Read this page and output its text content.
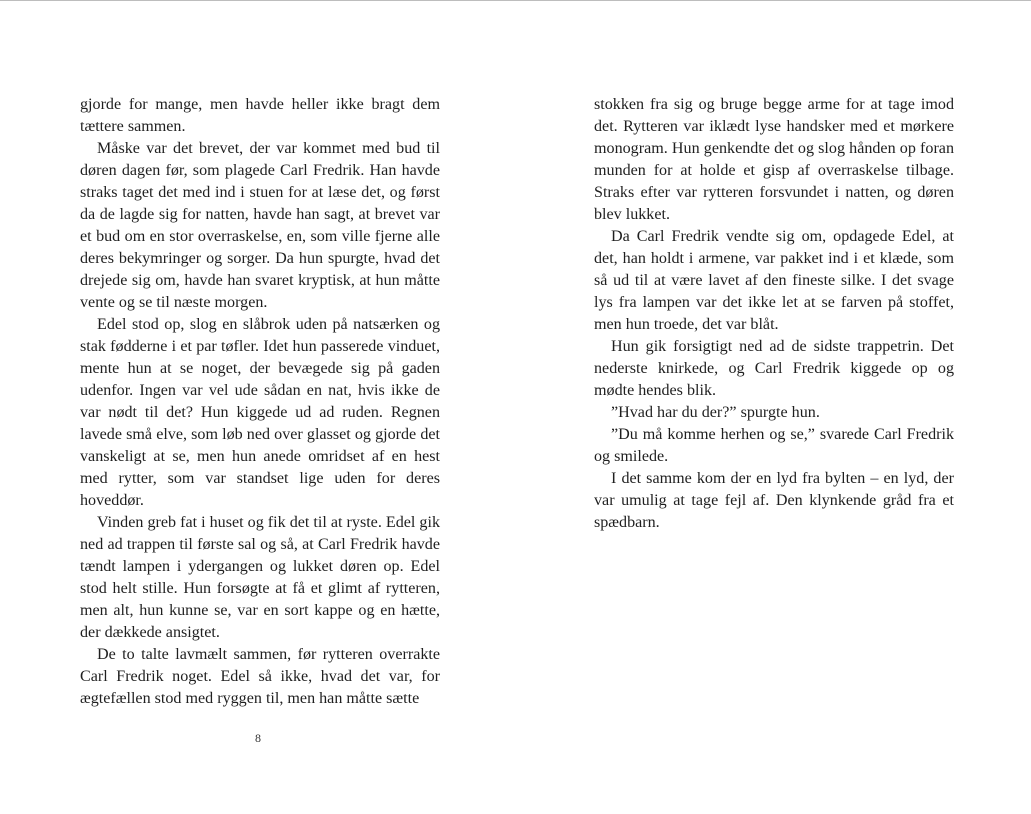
gjorde for mange, men havde heller ikke bragt dem tættere sammen.

Måske var det brevet, der var kommet med bud til døren dagen før, som plagede Carl Fredrik. Han havde straks taget det med ind i stuen for at læse det, og først da de lagde sig for natten, havde han sagt, at brevet var et bud om en stor overraskelse, en, som ville fjerne alle deres bekymringer og sorger. Da hun spurgte, hvad det drejede sig om, havde han svaret kryptisk, at hun måtte vente og se til næste morgen.

Edel stod op, slog en slåbrok uden på natsærken og stak fødderne i et par tøfler. Idet hun passerede vinduet, mente hun at se noget, der bevægede sig på gaden udenfor. Ingen var vel ude sådan en nat, hvis ikke de var nødt til det? Hun kiggede ud ad ruden. Regnen lavede små elve, som løb ned over glasset og gjorde det vanskeligt at se, men hun anede omridset af en hest med rytter, som var standset lige uden for deres hoveddør.

Vinden greb fat i huset og fik det til at ryste. Edel gik ned ad trappen til første sal og så, at Carl Fredrik havde tændt lampen i ydergangen og lukket døren op. Edel stod helt stille. Hun forsøgte at få et glimt af rytteren, men alt, hun kunne se, var en sort kappe og en hætte, der dækkede ansigtet.

De to talte lavmælt sammen, før rytteren overrakte Carl Fredrik noget. Edel så ikke, hvad det var, for ægtefællen stod med ryggen til, men han måtte sætte

8

stokken fra sig og bruge begge arme for at tage imod det. Rytteren var iklædt lyse handsker med et mørkere monogram. Hun genkendte det og slog hånden op foran munden for at holde et gisp af overraskelse tilbage. Straks efter var rytteren forsvundet i natten, og døren blev lukket.

Da Carl Fredrik vendte sig om, opdagede Edel, at det, han holdt i armene, var pakket ind i et klæde, som så ud til at være lavet af den fineste silke. I det svage lys fra lampen var det ikke let at se farven på stoffet, men hun troede, det var blåt.

Hun gik forsigtigt ned ad de sidste trappetrin. Det nederste knirkede, og Carl Fredrik kiggede op og mødte hendes blik.

”Hvad har du der?” spurgte hun.

”Du må komme herhen og se,” svarede Carl Fredrik og smilede.

I det samme kom der en lyd fra bylten – en lyd, der var umulig at tage fejl af. Den klynkende gråd fra et spædbarn.
